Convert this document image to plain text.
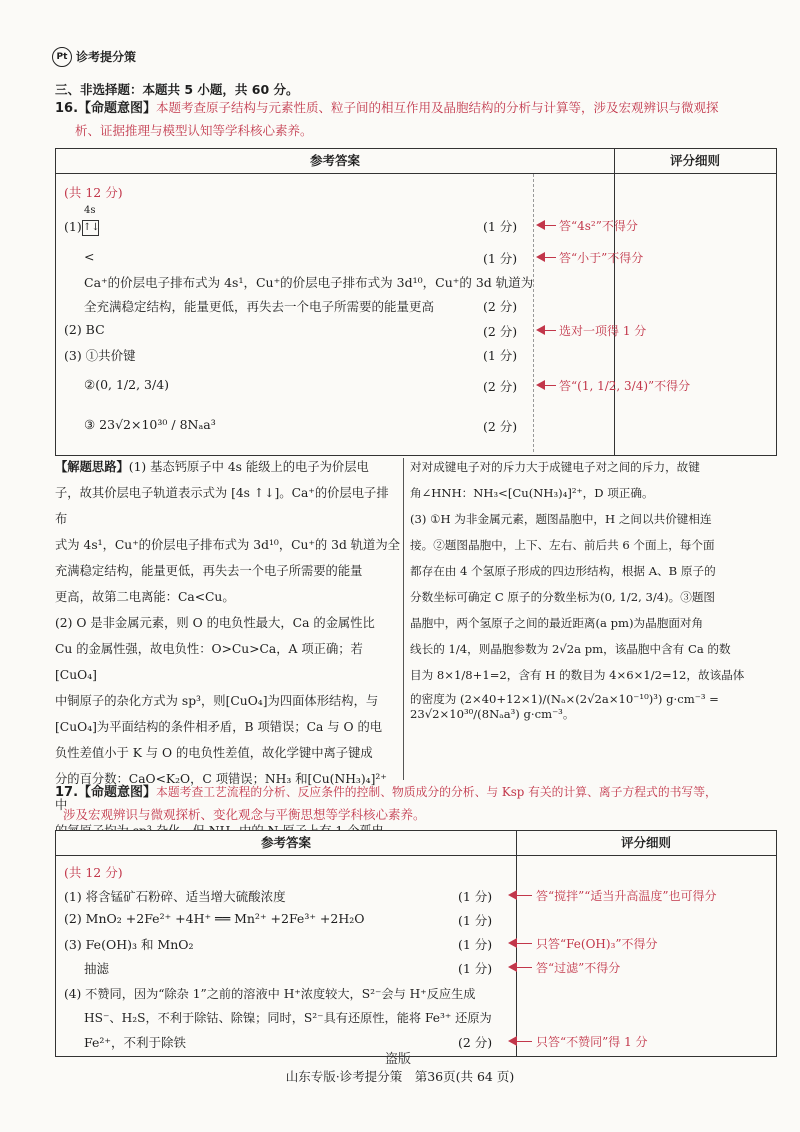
Pt 诊考提分策
三、非选择题：本题共 5 小题，共 60 分。
16.【命题意图】本题考查原子结构与元素性质、粒子间的相互作用及晶胞结构的分析与计算等，涉及宏观辨识与微观探
析、证据推理与模型认知等学科核心素养。
参考答案	评分细则
(共 12 分)
(1)
4s
↑↓	(1 分)	答“4s²”不得分
<	(1 分)	答“小于”不得分
Ca⁺的价层电子排布式为 4s¹，Cu⁺的价层电子排布式为 3d¹⁰，Cu⁺的 3d 轨道为
全充满稳定结构，能量更低，再失去一个电子所需要的能量更高	(2 分)
(2) BC	(2 分)	选对一项得 1 分
(3) ①共价键	(1 分)
②(0, 1/2, 3/4)	(2 分)	答“(1, 1/2, 3/4)”不得分
③ 23√2×10³⁰ / 8Nₐa³	(2 分)
【解题思路】(1) 基态钙原子中 4s 能级上的电子为价层电
子，故其价层电子轨道表示式为 [4s ↑↓]。Ca⁺的价层电子排布
式为 4s¹，Cu⁺的价层电子排布式为 3d¹⁰，Cu⁺的 3d 轨道为全
充满稳定结构，能量更低，再失去一个电子所需要的能量
更高，故第二电离能：Ca<Cu。
(2) O 是非金属元素，则 O 的电负性最大，Ca 的金属性比
Cu 的金属性强，故电负性：O>Cu>Ca，A 项正确；若[CuO₄]
中铜原子的杂化方式为 sp³，则[CuO₄]为四面体形结构，与
[CuO₄]为平面结构的条件相矛盾，B 项错误；Ca 与 O 的电
负性差值小于 K 与 O 的电负性差值，故化学键中离子键成
分的百分数：CaO<K₂O，C 项错误；NH₃ 和[Cu(NH₃)₄]²⁺ 中
对对成键电子对的斥力大于成键电子对之间的斥力，故键
角∠HNH：NH₃<[Cu(NH₃)₄]²⁺，D 项正确。
(3) ①H 为非金属元素，题图晶胞中，H 之间以共价键相连
接。②题图晶胞中，上下、左右、前后共 6 个面上，每个面
都存在由 4 个氢原子形成的四边形结构，根据 A、B 原子的
分数坐标可确定 C 原子的分数坐标为(0, 1/2, 3/4)。③题图
晶胞中，两个氢原子之间的最近距离(a pm)为晶胞面对角
线长的 1/4，则晶胞参数为 2√2a pm，该晶胞中含有 Ca 的数
目为 8×1/8+1=2，含有 H 的数目为 4×6×1/2=12，故该晶体
的密度为 (2×40+12×1)/(Nₐ×(2√2a×10⁻¹⁰)³) g·cm⁻³ = 23√2×10³⁰/(8Nₐa³) g·cm⁻³。
17.【命题意图】本题考查工艺流程的分析、反应条件的控制、物质成分的分析、与 Ksp 有关的计算、离子方程式的书写等，
涉及宏观辨识与微观探析、变化观念与平衡思想等学科核心素养。
参考答案	评分细则
(共 12 分)
(1) 将含锰矿石粉碎、适当增大硫酸浓度	(1 分)	答“搅拌”“适当升高温度”也可得分
(2) MnO₂ +2Fe²⁺ +4H⁺ ══ Mn²⁺ +2Fe³⁺ +2H₂O	(1 分)
(3) Fe(OH)₃ 和 MnO₂	(1 分)	只答“Fe(OH)₃”不得分
抽滤	(1 分)	答“过滤”不得分
(4) 不赞同，因为“除杂 1”之前的溶液中 H⁺浓度较大，S²⁻会与 H⁺反应生成
HS⁻、H₂S，不利于除钴、除镍；同时，S²⁻具有还原性，能将 Fe³⁺ 还原为
Fe²⁺，不利于除铁	(2 分)	只答“不赞同”得 1 分
盗版
山东专版·诊考提分策　第36页(共 64 页)
